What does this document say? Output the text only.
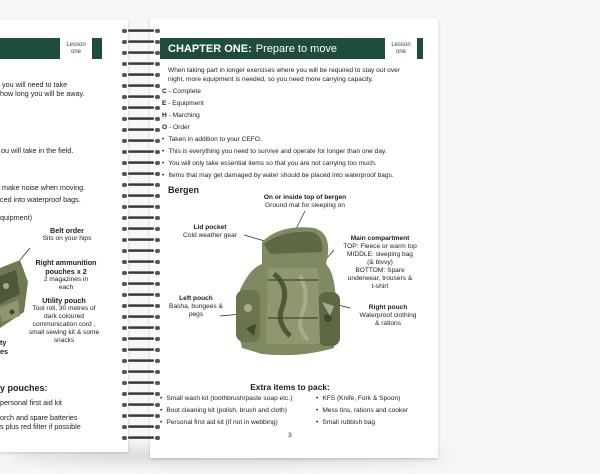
Lesson
one
you will need to take
how long you will be away.
ou will take in the field.
make noise when moving.
ced into waterproof bags.
quipment)
Belt order
Sits on your hips
Right ammunition
pouches x 2
2 magazines in
each
Utility pouch
Tool roll, 30 metres of
dark coloured
communication cord ,
small sewing kit & some
snacks
ty
es
y pouches:
personal first aid kit
orch and spare batteries
s plus red filter if possible
CHAPTER ONE: Prepare to move	Lesson
one
When taking part in longer exercises where you will be required to stay out over
night, more equipment is needed, so you need more carrying capacity.
C - Complete
E - Equipment
H - Marching
O - Order
• Taken in addition to your CEFO.
• This is everything you need to survive and operate for longer than one day.
• You will only take essential items so that you are not carrying too much.
• Items that may get damaged by water should be placed into waterproof bags.
Bergen
On or inside top of bergen
Ground mat for sleeping on
Lid pocket
Cold weather gear	Main compartment
TOP: Fleece or warm top
MIDDLE: sleeping bag
(& bivvy)
BOTTOM: Spare
underwear, trousers &
t-shirt
Left pouch
Basha, bungees &
pegs
Right pouch
Waterproof clothing
& rations
Extra items to pack:
• Small wash kit (toothbrush/paste soap etc.)
• Boot cleaning kit (polish, brush and cloth)
• Personal first aid kit (if not in webbing)
• KFS (Knife, Fork & Spoon)
• Mess tins, rations and cooker
• Small rubbish bag
3
